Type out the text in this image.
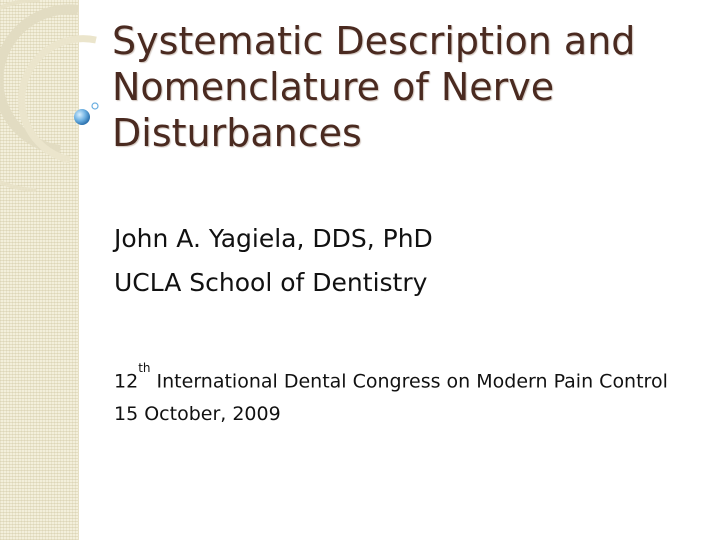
Systematic Description and Nomenclature of Nerve Disturbances
John A. Yagiela, DDS, PhD
UCLA School of Dentistry
12th International Dental Congress on Modern Pain Control
15 October, 2009
